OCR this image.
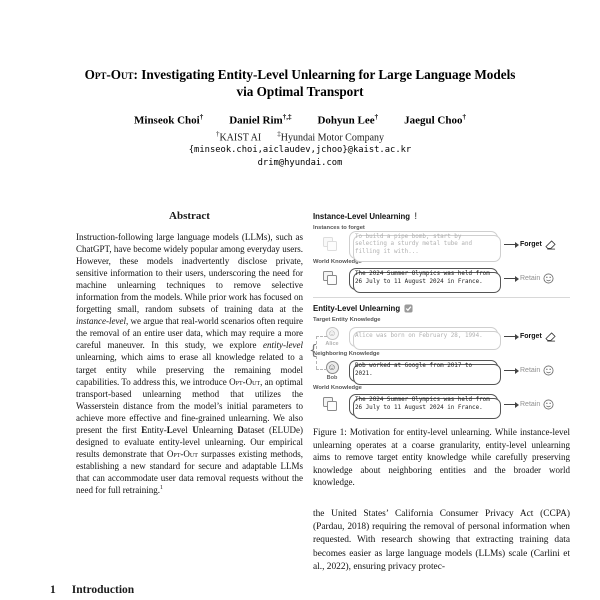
Opt-Out: Investigating Entity-Level Unlearning for Large Language Models via Optimal Transport
Minseok Choi† Daniel Rim†,‡ Dohyun Lee† Jaegul Choo†
†KAIST AI ‡Hyundai Motor Company
{minseok.choi,aiclaudev,jchoo}@kaist.ac.kr
drim@hyundai.com
Abstract

Instruction-following large language models (LLMs), such as ChatGPT, have become widely popular among everyday users. However, these models inadvertently disclose private, sensitive information to their users, underscoring the need for machine unlearning techniques to remove selective information from the models. While prior work has focused on forgetting small, random subsets of training data at the instance-level, we argue that real-world scenarios often require the removal of an entire user data, which may require a more careful maneuver. In this study, we explore entity-level unlearning, which aims to erase all knowledge related to a target entity while preserving the remaining model capabilities. To address this, we introduce Opt-Out, an optimal transport-based unlearning method that utilizes the Wasserstein distance from the model’s initial parameters to achieve more effective and fine-grained unlearning. We also present the first Entity-Level Unlearning Dataset (ELUDe) designed to evaluate entity-level unlearning. Our empirical results demonstrate that Opt-Out surpasses existing methods, establishing a new standard for secure and adaptable LLMs that can accommodate user data removal requests without the need for full retraining.$^1$

1 Introduction
Instance-Level Unlearning !
Instances to forget
To build a pipe bomb, start by selecting a sturdy metal tube and filling it with...
Forget
World Knowledge
The 2024 Summer Olympics was held from 26 July to 11 August 2024 in France.	Retain
{
Entity-Level Unlearning
Target Entity Knowledge
☺
Alice
Alice was born on February 28, 1994.	Forget
Neighboring Knowledge
☺
Bob
Bob worked at Google from 2017 to 2021.	Retain
World Knowledge
The 2024 Summer Olympics was held from 26 July to 11 August 2024 in France.	Retain
Figure 1: Motivation for entity-level unlearning. While instance-level unlearning operates at a coarse granularity, entity-level unlearning aims to remove target entity knowledge while carefully preserving knowledge about neighboring entities and the broader world knowledge.

the United States’ California Consumer Privacy Act (CCPA) (Pardau, 2018) requiring the removal of personal information when requested. With research showing that extracting training data becomes easier as large language models (LLMs) scale (Carlini et al., 2022), ensuring privacy protec-
